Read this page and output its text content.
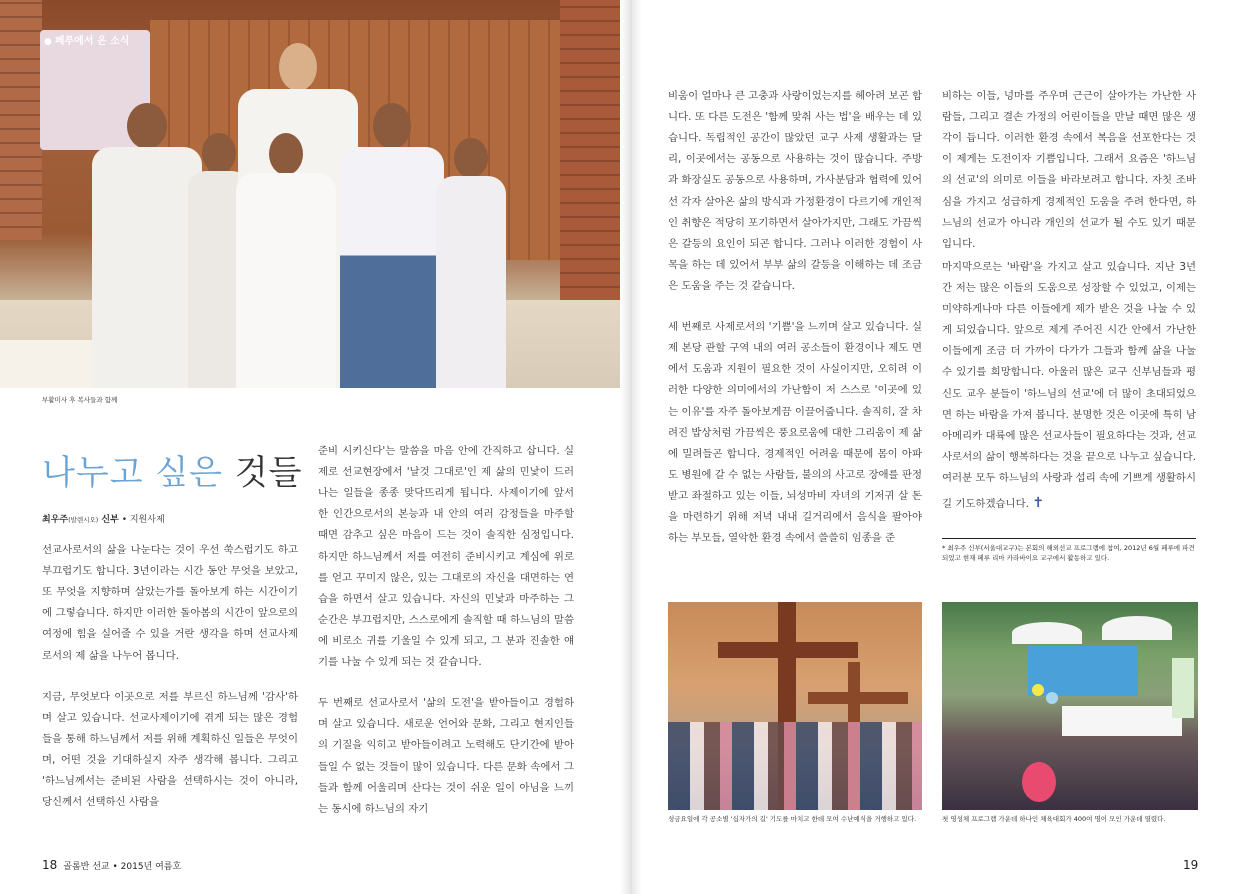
● 페루에서 온 소식
부활미사 후 복사들과 함께
나누고 싶은 것들
최우주(발렌시오) 신부 • 지원사제

선교사로서의 삶을 나눈다는 것이 우선 쑥스럽기도 하고 부끄럽기도 합니다. 3년이라는 시간 동안 무엇을 보았고, 또 무엇을 지향하며 살았는가를 돌아보게 하는 시간이기에 그렇습니다. 하지만 이러한 돌아봄의 시간이 앞으로의 여정에 힘을 실어줄 수 있을 거란 생각을 하며 선교사제로서의 제 삶을 나누어 봅니다.

지금, 무엇보다 이곳으로 저를 부르신 하느님께 '감사'하며 살고 있습니다. 선교사제이기에 겪게 되는 많은 경험들을 통해 하느님께서 저를 위해 계획하신 일들은 무엇이며, 어떤 것을 기대하실지 자주 생각해 봅니다. 그리고 '하느님께서는 준비된 사람을 선택하시는 것이 아니라, 당신께서 선택하신 사람을

준비 시키신다'는 말씀을 마음 안에 간직하고 삽니다. 실제로 선교현장에서 '날것 그대로'인 제 삶의 민낯이 드러나는 일들을 종종 맞닥뜨리게 됩니다. 사제이기에 앞서 한 인간으로서의 본능과 내 안의 여러 감정들을 마주할 때면 감추고 싶은 마음이 드는 것이 솔직한 심정입니다. 하지만 하느님께서 저를 여전히 준비시키고 계심에 위로를 얻고 꾸미지 않은, 있는 그대로의 자신을 대면하는 연습을 하면서 살고 있습니다. 자신의 민낯과 마주하는 그 순간은 부끄럽지만, 스스로에게 솔직할 때 하느님의 말씀에 비로소 귀를 기울일 수 있게 되고, 그 분과 진솔한 얘기를 나눌 수 있게 되는 것 같습니다.

두 번째로 선교사로서 '삶의 도전'을 받아들이고 경험하며 살고 있습니다. 새로운 언어와 문화, 그리고 현지인들의 기질을 익히고 받아들이려고 노력해도 단기간에 받아들일 수 없는 것들이 많이 있습니다. 다른 문화 속에서 그들과 함께 어울리며 산다는 것이 쉬운 일이 아님을 느끼는 동시에 하느님의 자기

18 골롬반 선교 • 2015년 여름호

비움이 얼마나 큰 고충과 사랑이었는지를 헤아려 보곤 합니다. 또 다른 도전은 '함께 맞춰 사는 법'을 배우는 데 있습니다. 독립적인 공간이 많았던 교구 사제 생활과는 달리, 이곳에서는 공동으로 사용하는 것이 많습니다. 주방과 화장실도 공동으로 사용하며, 가사분담과 협력에 있어선 각자 살아온 삶의 방식과 가정환경이 다르기에 개인적인 취향은 적당히 포기하면서 살아가지만, 그래도 가끔씩은 갈등의 요인이 되곤 합니다. 그러나 이러한 경험이 사목을 하는 데 있어서 부부 삶의 갈등을 이해하는 데 조금은 도움을 주는 것 같습니다.

세 번째로 사제로서의 '기쁨'을 느끼며 살고 있습니다. 실제 본당 관할 구역 내의 여러 공소들이 환경이나 제도 면에서 도움과 지원이 필요한 것이 사실이지만, 오히려 이러한 다양한 의미에서의 가난함이 저 스스로 '이곳에 있는 이유'를 자주 돌아보게끔 이끌어줍니다. 솔직히, 잘 차려진 밥상처럼 가끔씩은 풍요로움에 대한 그리움이 제 삶에 밀려들곤 합니다. 경제적인 어려움 때문에 몸이 아파도 병원에 갈 수 없는 사람들, 불의의 사고로 장애를 판정받고 좌절하고 있는 이들, 뇌성마비 자녀의 기저귀 살 돈을 마련하기 위해 저녁 내내 길거리에서 음식을 팔아야 하는 부모들, 열악한 환경 속에서 쓸쓸히 임종을 준

비하는 이들, 넝마를 주우며 근근이 살아가는 가난한 사람들, 그리고 결손 가정의 어린이들을 만날 때면 많은 생각이 듭니다. 이러한 환경 속에서 복음을 선포한다는 것이 제게는 도전이자 기쁨입니다. 그래서 요즘은 '하느님의 선교'의 의미로 이들을 바라보려고 합니다. 자칫 조바심을 가지고 성급하게 경제적인 도움을 주려 한다면, 하느님의 선교가 아니라 개인의 선교가 될 수도 있기 때문입니다.

마지막으로는 '바람'을 가지고 살고 있습니다. 지난 3년간 저는 많은 이들의 도움으로 성장할 수 있었고, 이제는 미약하게나마 다른 이들에게 제가 받은 것을 나눌 수 있게 되었습니다. 앞으로 제게 주어진 시간 안에서 가난한 이들에게 조금 더 가까이 다가가 그들과 함께 삶을 나눌 수 있기를 희망합니다. 아울러 많은 교구 신부님들과 평신도 교우 분들이 '하느님의 선교'에 더 많이 초대되었으면 하는 바람을 가져 봅니다. 분명한 것은 이곳에 특히 남아메리카 대륙에 많은 선교사들이 필요하다는 것과, 선교사로서의 삶이 행복하다는 것을 끝으로 나누고 싶습니다. 여러분 모두 하느님의 사랑과 섭리 속에 기쁘게 생활하시길 기도하겠습니다. ✝

* 최우주 신부(서울대교구)는 본회의 해외선교 프로그램에 참여, 2012년 6월 페루에 파견되었고 현재 페루 리마 카라바이요 교구에서 활동하고 있다.
성금요일에 각 공소별 '십자가의 길' 기도를 마치고 한데 모여 수난예식을 거행하고 있다.	첫 영성체 프로그램 가운데 하나인 체육대회가 400여 명이 모인 가운데 열렸다.
19
